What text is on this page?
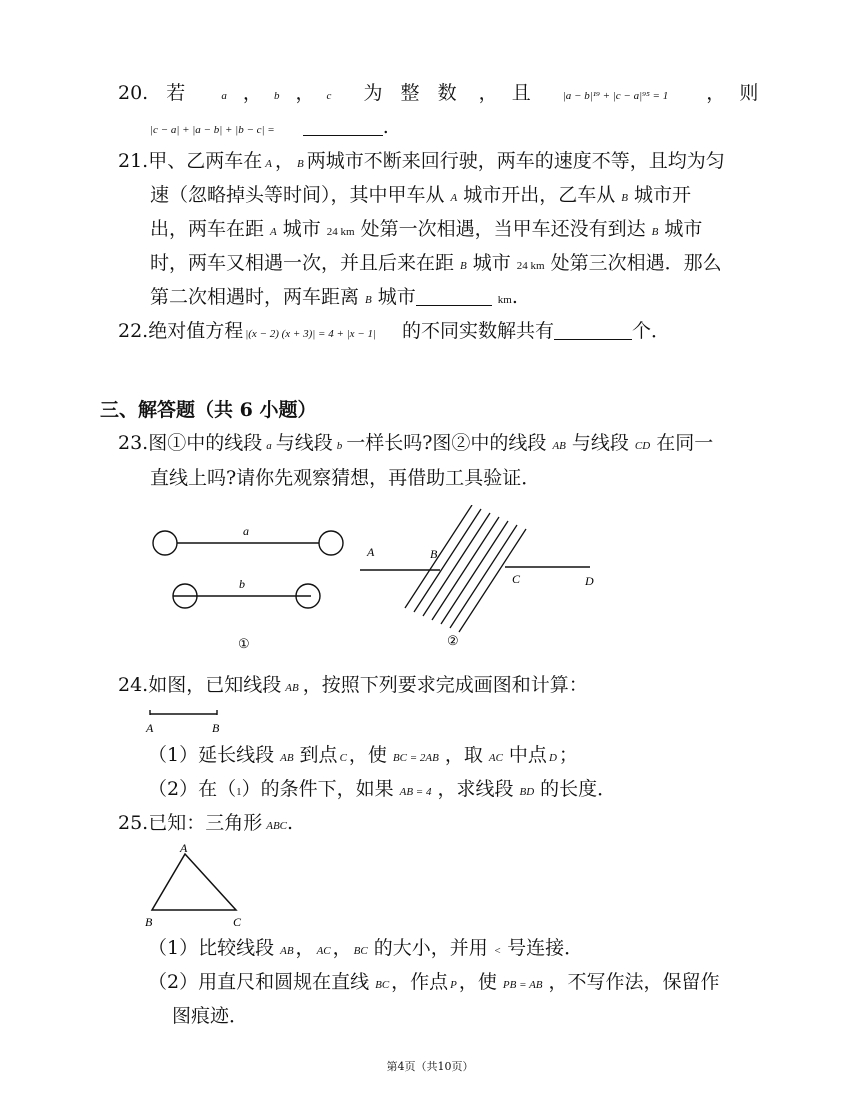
20. 若	a ， b ， c 为 整 数 ， 且	|a − b|¹⁹ + |c − a|⁹⁵ = 1 ， 则
|c − a| + |a − b| + |b − c| =	.
21.甲、乙两车在 A ， B 两城市不断来回行驶，两车的速度不等，且均为匀
速（忽略掉头等时间），其中甲车从 A 城市开出，乙车从 B 城市开
出，两车在距 A 城市 24 km 处第一次相遇，当甲车还没有到达 B 城市
时，两车又相遇一次，并且后来在距 B 城市 24 km 处第三次相遇．那么
第二次相遇时，两车距离 B 城市	km.
22.绝对值方程 |(x − 2) (x + 3)| = 4 + |x − 1| 的不同实数解共有	个．
三、解答题（共 6 小题）
23.图①中的线段 a 与线段 b 一样长吗?图②中的线段 AB 与线段 CD 在同一
直线上吗?请你先观察猜想，再借助工具验证．
a
b
①
A	B
C	D
②
24.如图，已知线段 AB ，按照下列要求完成画图和计算：
A	B
（1）延长线段 AB 到点 C ，使 BC = 2AB ，取 AC 中点 D ；
（2）在（1）的条件下，如果 AB = 4 ，求线段 BD 的长度．
25.已知：三角形 ABC.
A
B	C
（1）比较线段 AB ， AC ， BC 的大小，并用 < 号连接．
（2）用直尺和圆规在直线 BC ，作点 P ，使 PB = AB ，不写作法，保留作
图痕迹．
第4页（共10页）
